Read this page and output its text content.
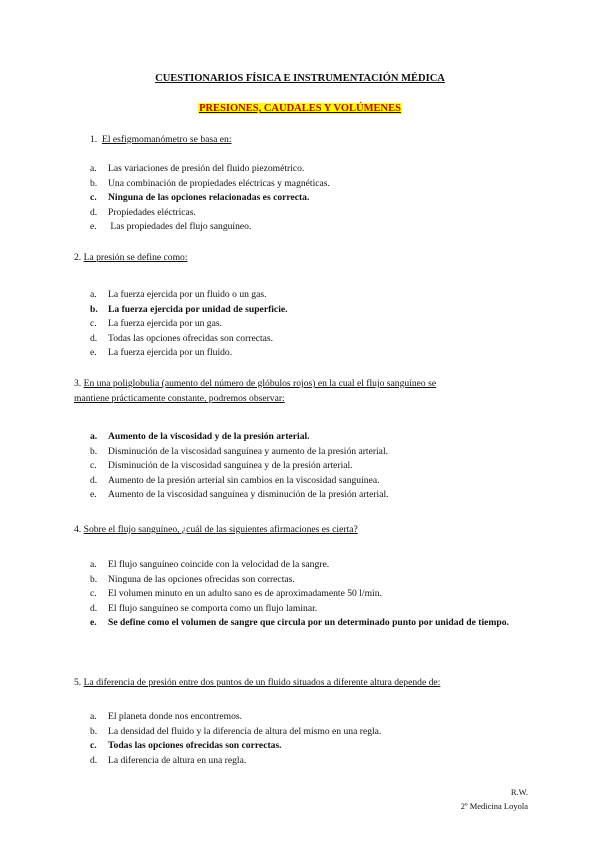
CUESTIONARIOS FÍSICA E INSTRUMENTACIÓN MÉDICA
PRESIONES, CAUDALES Y VOLÚMENES
1. El esfigmomanómetro se basa en:
a. Las variaciones de presión del fluido piezométrico.
b. Una combinación de propiedades eléctricas y magnéticas.
c. Ninguna de las opciones relacionadas es correcta.
d. Propiedades eléctricas.
e. Las propiedades del flujo sanguíneo.
2. La presión se define como:
a. La fuerza ejercida por un fluido o un gas.
b. La fuerza ejercida por unidad de superficie.
c. La fuerza ejercida por un gas.
d. Todas las opciones ofrecidas son correctas.
e. La fuerza ejercida por un fluido.
3. En una poliglobulia (aumento del número de glóbulos rojos) en la cual el flujo sanguíneo se
mantiene prácticamente constante, podremos observar:
a. Aumento de la viscosidad y de la presión arterial.
b. Disminución de la viscosidad sanguínea y aumento de la presión arterial.
c. Disminución de la viscosidad sanguínea y de la presión arterial.
d. Aumento de la presión arterial sin cambios en la viscosidad sanguínea.
e. Aumento de la viscosidad sanguínea y disminución de la presión arterial.
4. Sobre el flujo sanguíneo, ¿cuál de las siguientes afirmaciones es cierta?
a. El flujo sanguíneo coincide con la velocidad de la sangre.
b. Ninguna de las opciones ofrecidas son correctas.
c. El volumen minuto en un adulto sano es de aproximadamente 50 l/min.
d. El flujo sanguíneo se comporta como un flujo laminar.
e. Se define como el volumen de sangre que circula por un determinado punto por unidad de tiempo.
5. La diferencia de presión entre dos puntos de un fluido situados a diferente altura depende de:
a. El planeta donde nos encontremos.
b. La densidad del fluido y la diferencia de altura del mismo en una regla.
c. Todas las opciones ofrecidas son correctas.
d. La diferencia de altura en una regla.
R.W.
2º Medicina Loyola
